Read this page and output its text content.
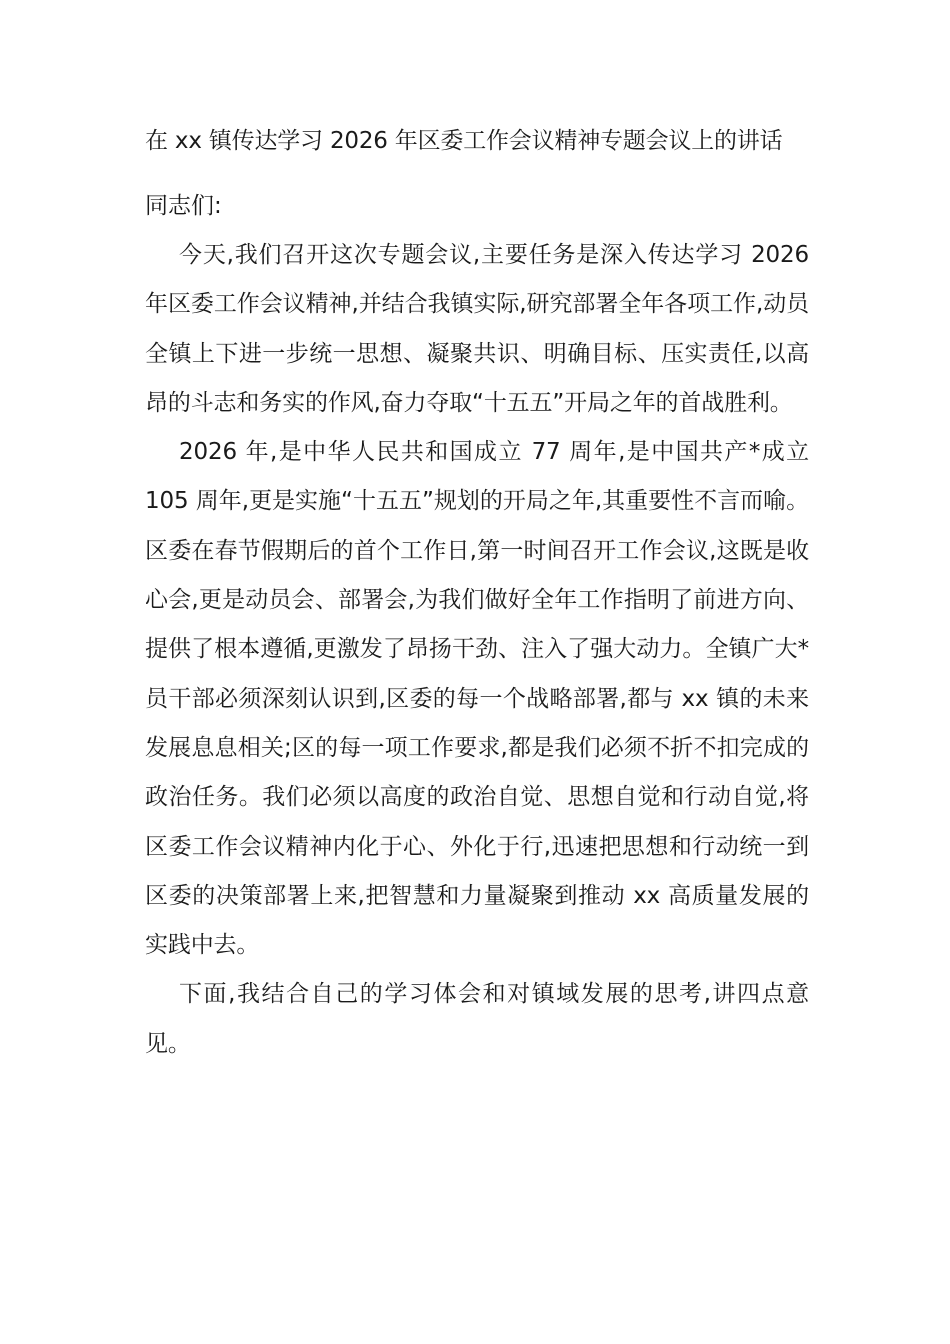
在 xx 镇传达学习 2026 年区委工作会议精神专题会议上的讲话

同志们:

今天,我们召开这次专题会议,主要任务是深入传达学习 2026 年区委工作会议精神,并结合我镇实际,研究部署全年各项工作,动员全镇上下进一步统一思想、凝聚共识、明确目标、压实责任,以高昂的斗志和务实的作风,奋力夺取“十五五”开局之年的首战胜利。

2026 年,是中华人民共和国成立 77 周年,是中国共产*成立 105 周年,更是实施“十五五”规划的开局之年,其重要性不言而喻。区委在春节假期后的首个工作日,第一时间召开工作会议,这既是收心会,更是动员会、部署会,为我们做好全年工作指明了前进方向、提供了根本遵循,更激发了昂扬干劲、注入了强大动力。全镇广大*员干部必须深刻认识到,区委的每一个战略部署,都与 xx 镇的未来发展息息相关;区的每一项工作要求,都是我们必须不折不扣完成的政治任务。我们必须以高度的政治自觉、思想自觉和行动自觉,将区委工作会议精神内化于心、外化于行,迅速把思想和行动统一到区委的决策部署上来,把智慧和力量凝聚到推动 xx 高质量发展的实践中去。

下面,我结合自己的学习体会和对镇域发展的思考,讲四点意见。
